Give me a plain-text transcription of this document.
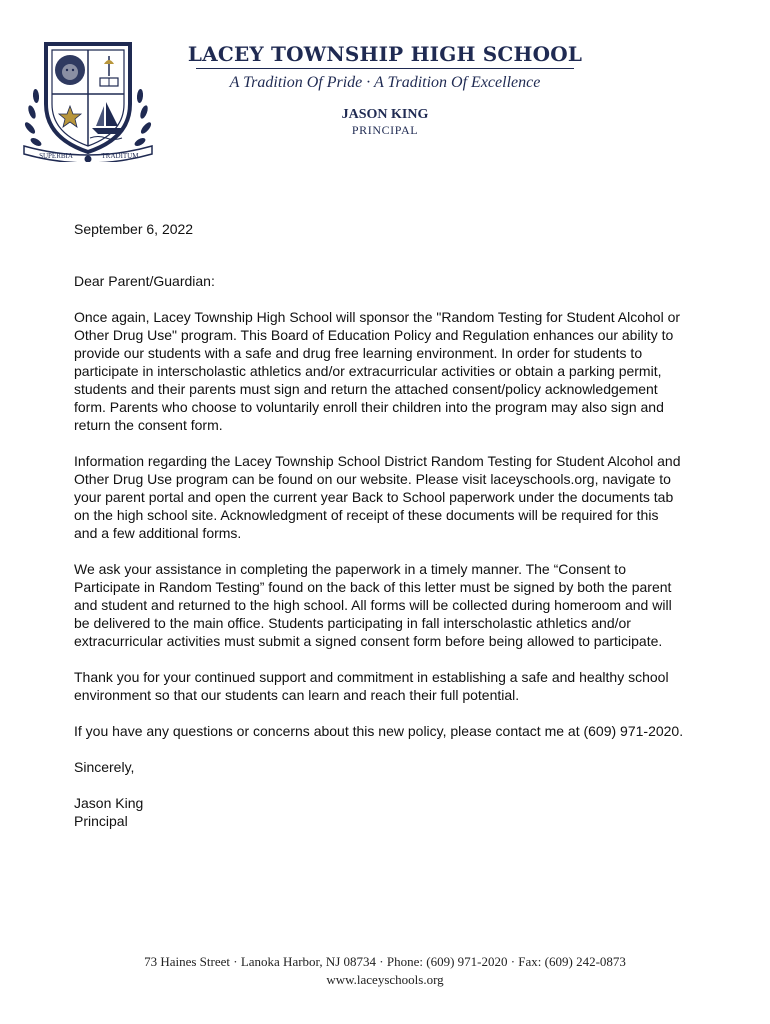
SUPERBIA	TRADITUM
LACEY TOWNSHIP HIGH SCHOOL
A Tradition Of Pride · A Tradition Of Excellence
JASON KING
PRINCIPAL

September 6, 2022

Dear Parent/Guardian:

Once again, Lacey Township High School will sponsor the "Random Testing for Student Alcohol or Other Drug Use" program. This Board of Education Policy and Regulation enhances our ability to provide our students with a safe and drug free learning environment. In order for students to participate in interscholastic athletics and/or extracurricular activities or obtain a parking permit, students and their parents must sign and return the attached consent/policy acknowledgement form. Parents who choose to voluntarily enroll their children into the program may also sign and return the consent form.

Information regarding the Lacey Township School District Random Testing for Student Alcohol and Other Drug Use program can be found on our website. Please visit laceyschools.org, navigate to your parent portal and open the current year Back to School paperwork under the documents tab on the high school site. Acknowledgment of receipt of these documents will be required for this and a few additional forms.

We ask your assistance in completing the paperwork in a timely manner. The “Consent to Participate in Random Testing” found on the back of this letter must be signed by both the parent and student and returned to the high school. All forms will be collected during homeroom and will be delivered to the main office. Students participating in fall interscholastic athletics and/or extracurricular activities must submit a signed consent form before being allowed to participate.

Thank you for your continued support and commitment in establishing a safe and healthy school environment so that our students can learn and reach their full potential.

If you have any questions or concerns about this new policy, please contact me at (609) 971-2020.

Sincerely,

Jason King
Principal

73 Haines Street · Lanoka Harbor, NJ 08734 · Phone: (609) 971-2020 · Fax: (609) 242-0873
www.laceyschools.org
